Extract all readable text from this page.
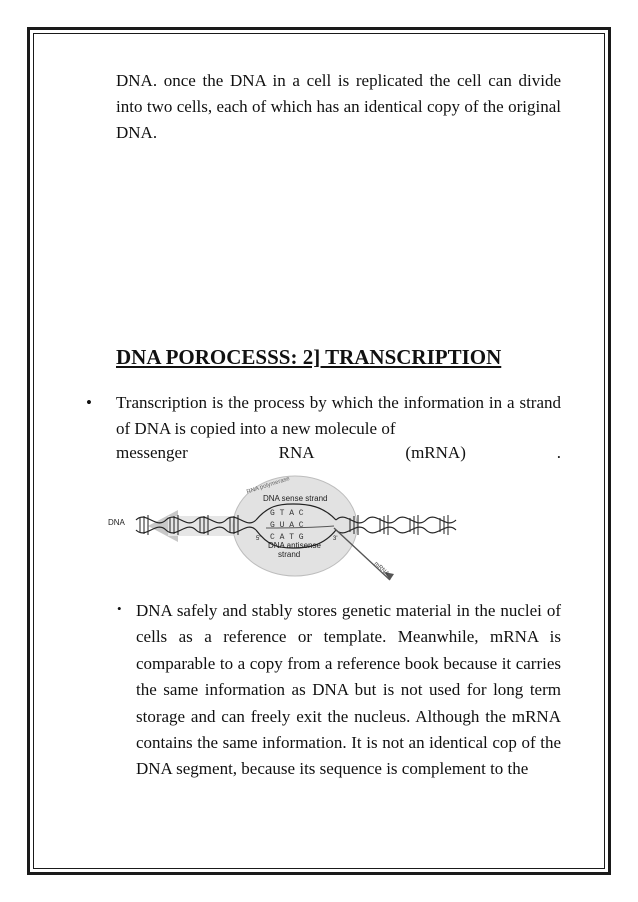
DNA. once the DNA in a cell is replicated the cell can divide into two cells, each of which has an identical copy of the original DNA.

DNA POROCESSS: 2] TRANSCRIPTION
• Transcription is the process by which the information in a strand of DNA is copied into a new molecule of

messenger	RNA	(mRNA)	.
DNA
RNA polymerase
DNA sense strand
G T A C
G U A C
C A T G
5'	3'
DNA antisense
strand
mRNA
• DNA safely and stably stores genetic material in the nuclei of cells as a reference or template. Meanwhile, mRNA is comparable to a copy from a reference book because it carries the same information as DNA but is not used for long term storage and can freely exit the nucleus. Although the mRNA contains the same information. It is not an identical cop of the DNA segment, because its sequence is complement to the
